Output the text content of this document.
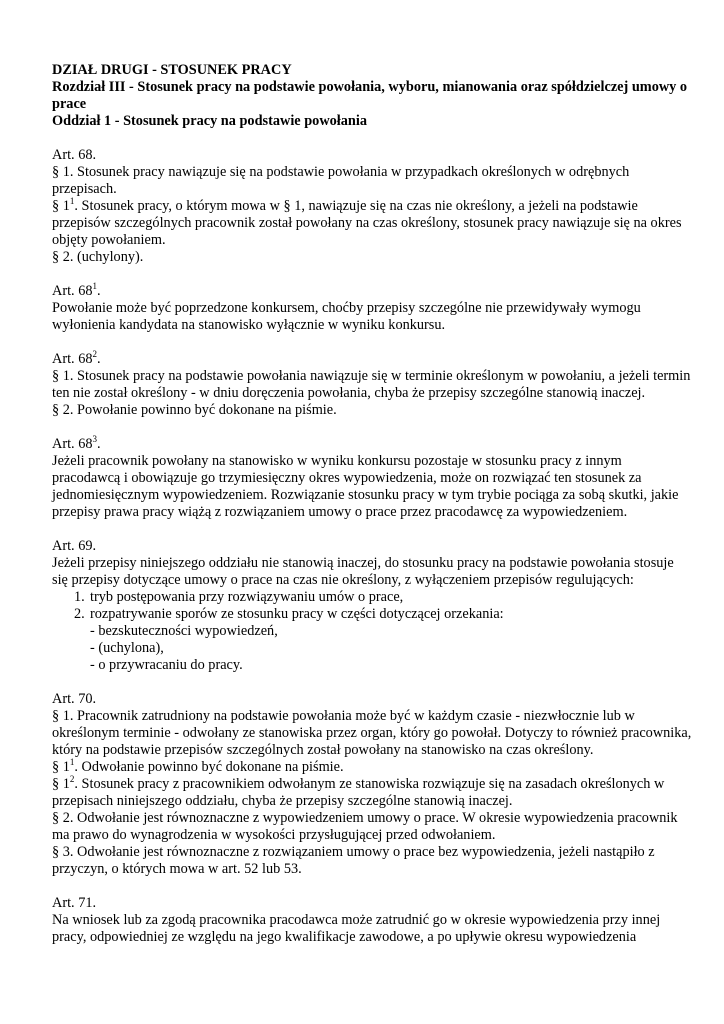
DZIAŁ DRUGI - STOSUNEK PRACY
Rozdział III - Stosunek pracy na podstawie powołania, wyboru, mianowania oraz spółdzielczej umowy o prace
Oddział 1 - Stosunek pracy na podstawie powołania
Art. 68.
§ 1. Stosunek pracy nawiązuje się na podstawie powołania w przypadkach określonych w odrębnych przepisach.
§ $1^1$. Stosunek pracy, o którym mowa w § 1, nawiązuje się na czas nie określony, a jeżeli na podstawie przepisów szczególnych pracownik został powołany na czas określony, stosunek pracy nawiązuje się na okres objęty powołaniem.
§ 2. (uchylony).
Art. $68^1$.
Powołanie może być poprzedzone konkursem, choćby przepisy szczególne nie przewidywały wymogu wyłonienia kandydata na stanowisko wyłącznie w wyniku konkursu.
Art. $68^2$.
§ 1. Stosunek pracy na podstawie powołania nawiązuje się w terminie określonym w powołaniu, a jeżeli termin ten nie został określony - w dniu doręczenia powołania, chyba że przepisy szczególne stanowią inaczej.
§ 2. Powołanie powinno być dokonane na piśmie.
Art. $68^3$.
Jeżeli pracownik powołany na stanowisko w wyniku konkursu pozostaje w stosunku pracy z innym pracodawcą i obowiązuje go trzymiesięczny okres wypowiedzenia, może on rozwiązać ten stosunek za jednomiesięcznym wypowiedzeniem. Rozwiązanie stosunku pracy w tym trybie pociąga za sobą skutki, jakie przepisy prawa pracy wiążą z rozwiązaniem umowy o prace przez pracodawcę za wypowiedzeniem.
Art. 69.
Jeżeli przepisy niniejszego oddziału nie stanowią inaczej, do stosunku pracy na podstawie powołania stosuje się przepisy dotyczące umowy o prace na czas nie określony, z wyłączeniem przepisów regulujących:
1. tryb postępowania przy rozwiązywaniu umów o prace,
2. rozpatrywanie sporów ze stosunku pracy w części dotyczącej orzekania:
- bezskuteczności wypowiedzeń,
- (uchylona),
- o przywracaniu do pracy.
Art. 70.
§ 1. Pracownik zatrudniony na podstawie powołania może być w każdym czasie - niezwłocznie lub w określonym terminie - odwołany ze stanowiska przez organ, który go powołał. Dotyczy to również pracownika, który na podstawie przepisów szczególnych został powołany na stanowisko na czas określony.
§ $1^1$. Odwołanie powinno być dokonane na piśmie.
§ $1^2$. Stosunek pracy z pracownikiem odwołanym ze stanowiska rozwiązuje się na zasadach określonych w przepisach niniejszego oddziału, chyba że przepisy szczególne stanowią inaczej.
§ 2. Odwołanie jest równoznaczne z wypowiedzeniem umowy o prace. W okresie wypowiedzenia pracownik ma prawo do wynagrodzenia w wysokości przysługującej przed odwołaniem.
§ 3. Odwołanie jest równoznaczne z rozwiązaniem umowy o prace bez wypowiedzenia, jeżeli nastąpiło z przyczyn, o których mowa w art. 52 lub 53.
Art. 71.
Na wniosek lub za zgodą pracownika pracodawca może zatrudnić go w okresie wypowiedzenia przy innej pracy, odpowiedniej ze względu na jego kwalifikacje zawodowe, a po upływie okresu wypowiedzenia
